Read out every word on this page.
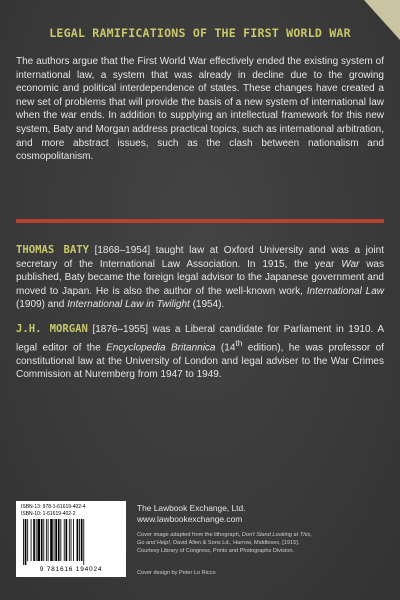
LEGAL RAMIFICATIONS OF THE FIRST WORLD WAR

The authors argue that the First World War effectively ended the existing system of international law, a system that was already in decline due to the growing economic and political interdependence of states. These changes have created a new set of problems that will provide the basis of a new system of international law when the war ends. In addition to supplying an intellectual framework for this new system, Baty and Morgan address practical topics, such as international arbitration, and more abstract issues, such as the clash between nationalism and cosmopolitanism.

THOMAS BATY [1868–1954] taught law at Oxford University and was a joint secretary of the International Law Association. In 1915, the year War was published, Baty became the foreign legal advisor to the Japanese government and moved to Japan. He is also the author of the well-known work, International Law (1909) and International Law in Twilight (1954).

J.H. MORGAN [1876–1955] was a Liberal candidate for Parliament in 1910. A legal editor of the Encyclopedia Britannica (14th edition), he was professor of constitutional law at the University of London and legal adviser to the War Crimes Commission at Nuremberg from 1947 to 1949.

ISBN-13: 978-1-61619-402-4
ISBN-10: 1-61619-402-2
9 781616 194024
The Lawbook Exchange, Ltd.
www.lawbookexchange.com
Cover image adapted from the lithograph, Don't Stand Looking at This,
Go and Help!, David Allen & Sons Ld., Harrow, Middlesex, [1915].
Courtesy Library of Congress, Prints and Photographs Division.
Cover design by Peter Lo Ricco
